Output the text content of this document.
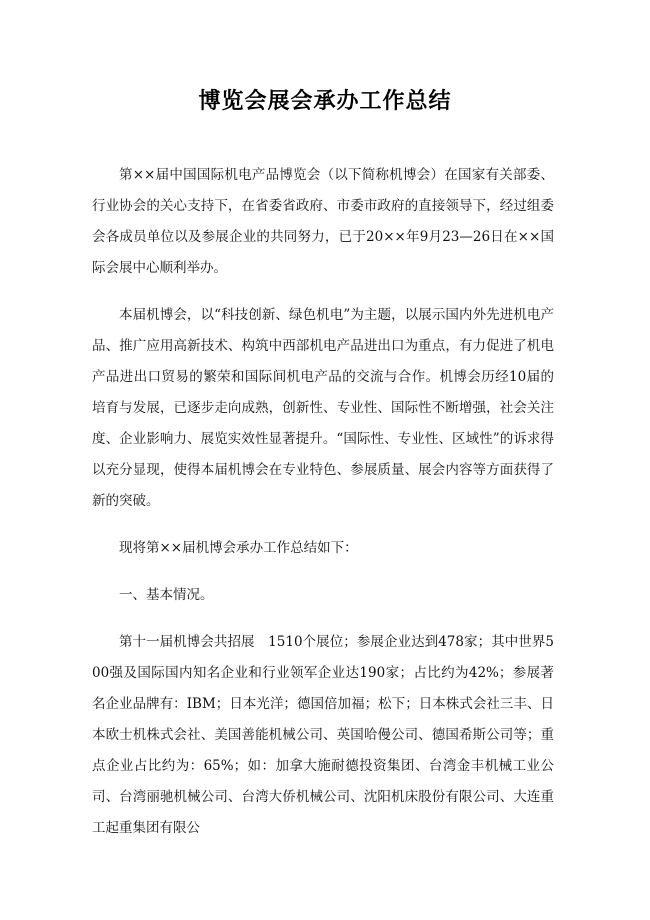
博览会展会承办工作总结

第××届中国国际机电产品博览会（以下简称机博会）在国家有关部委、行业协会的关心支持下，在省委省政府、市委市政府的直接领导下，经过组委会各成员单位以及参展企业的共同努力，已于20××年9月23—26日在××国际会展中心顺利举办。

本届机博会，以“科技创新、绿色机电”为主题，以展示国内外先进机电产品、推广应用高新技术、构筑中西部机电产品进出口为重点，有力促进了机电产品进出口贸易的繁荣和国际间机电产品的交流与合作。机博会历经10届的培育与发展，已逐步走向成熟，创新性、专业性、国际性不断增强，社会关注度、企业影响力、展览实效性显著提升。“国际性、专业性、区域性”的诉求得以充分显现，使得本届机博会在专业特色、参展质量、展会内容等方面获得了新的突破。

现将第××届机博会承办工作总结如下：

一、基本情况。

第十一届机博会共招展　1510个展位；参展企业达到478家；其中世界500强及国际国内知名企业和行业领军企业达190家；占比约为42%；参展著名企业品牌有：IBM；日本光洋；德国倍加福；松下；日本株式会社三丰、日本欧士机株式会社、美国善能机械公司、英国哈僈公司、德国希斯公司等；重点企业占比约为：65%；如：加拿大施耐德投资集团、台湾金丰机械工业公司、台湾丽驰机械公司、台湾大侨机械公司、沈阳机床股份有限公司、大连重工起重集团有限公
